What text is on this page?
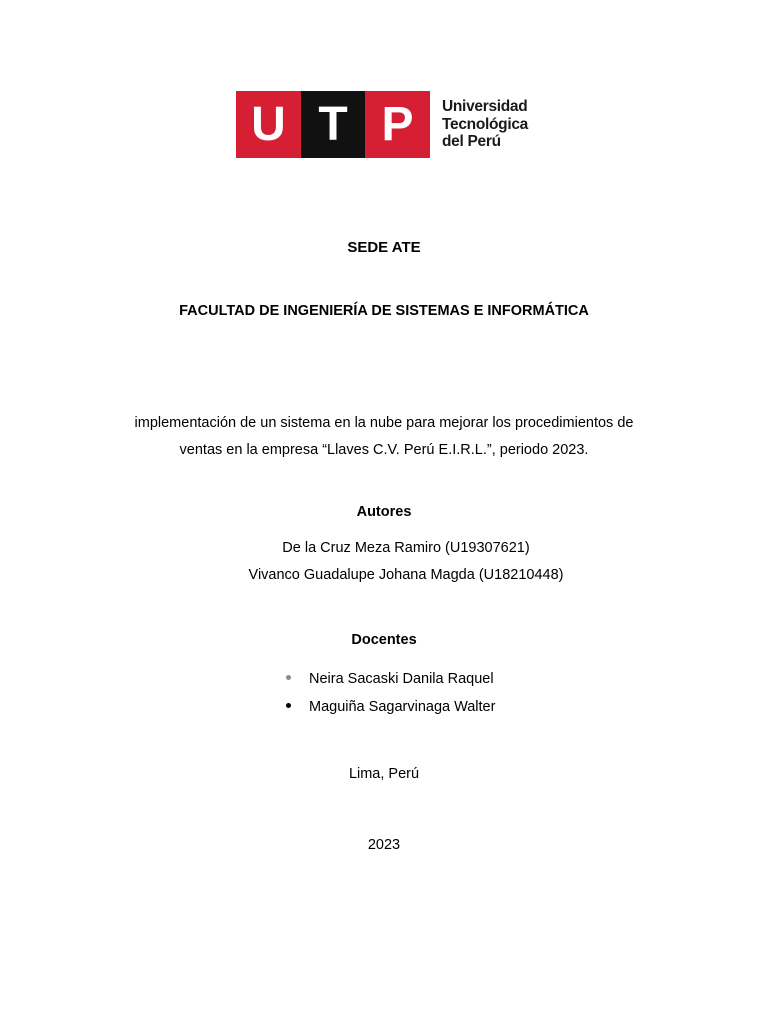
U T P	Universidad
Tecnológica
del Perú
SEDE ATE
FACULTAD DE INGENIERÍA DE SISTEMAS E INFORMÁTICA
implementación de un sistema en la nube para mejorar los procedimientos de
ventas en la empresa “Llaves C.V. Perú E.I.R.L.”, periodo 2023.
Autores
De la Cruz Meza Ramiro (U19307621)
Vivanco Guadalupe Johana Magda (U18210448)
Docentes
Neira Sacaski Danila Raquel
Maguiña Sagarvinaga Walter
Lima, Perú
2023
